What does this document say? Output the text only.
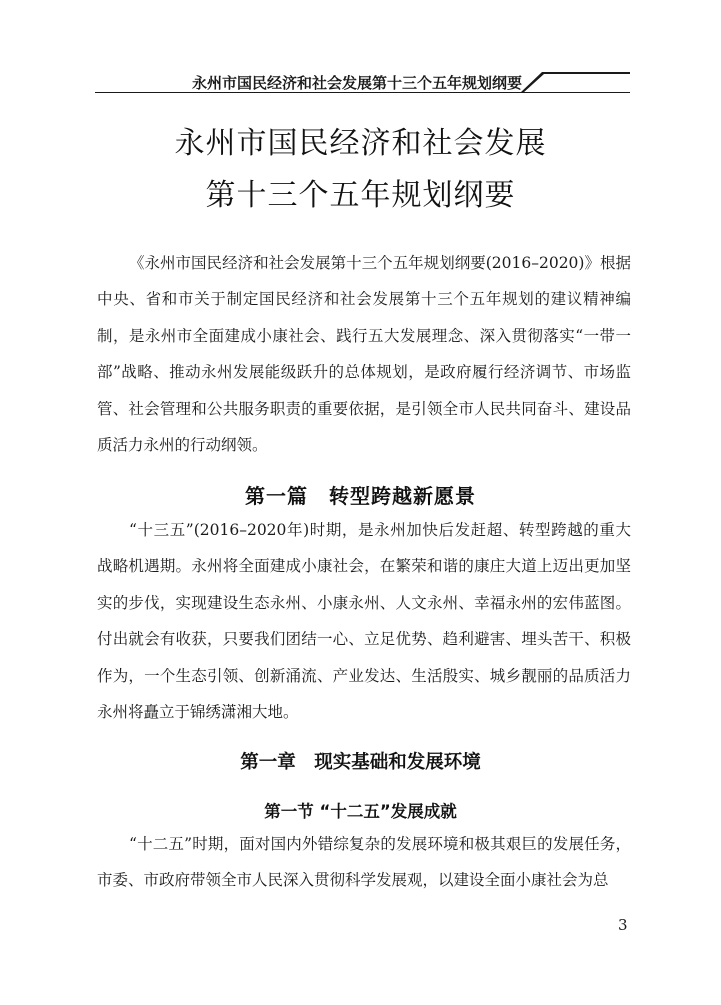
永州市国民经济和社会发展第十三个五年规划纲要
永州市国民经济和社会发展
第十三个五年规划纲要

《永州市国民经济和社会发展第十三个五年规划纲要(2016–2020)》根据中央、省和市关于制定国民经济和社会发展第十三个五年规划的建议精神编制，是永州市全面建成小康社会、践行五大发展理念、深入贯彻落实“一带一部”战略、推动永州发展能级跃升的总体规划，是政府履行经济调节、市场监管、社会管理和公共服务职责的重要依据，是引领全市人民共同奋斗、建设品质活力永州的行动纲领。

第一篇　转型跨越新愿景

“十三五”(2016–2020年)时期，是永州加快后发赶超、转型跨越的重大战略机遇期。永州将全面建成小康社会，在繁荣和谐的康庄大道上迈出更加坚实的步伐，实现建设生态永州、小康永州、人文永州、幸福永州的宏伟蓝图。付出就会有收获，只要我们团结一心、立足优势、趋利避害、埋头苦干、积极作为，一个生态引领、创新涌流、产业发达、生活殷实、城乡靓丽的品质活力永州将矗立于锦绣潇湘大地。

第一章　现实基础和发展环境
第一节 “十二五”发展成就

“十二五”时期，面对国内外错综复杂的发展环境和极其艰巨的发展任务，市委、市政府带领全市人民深入贯彻科学发展观，以建设全面小康社会为总

3
